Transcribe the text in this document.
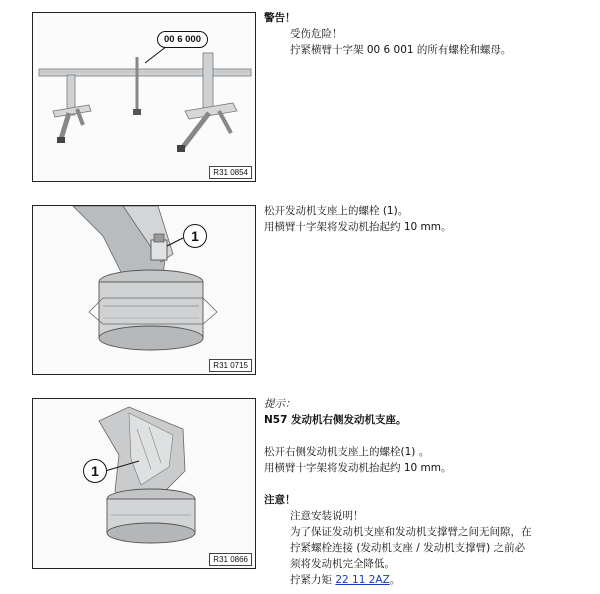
00 6 000
R31 0854

警告！

受伤危险！

拧紧横臂十字架 00 6 001 的所有螺栓和螺母。

1
R31 0715

松开发动机支座上的螺栓 (1)。

用横臂十字架将发动机抬起约 10 mm。

1
R31 0866

提示：

N57 发动机右侧发动机支座。

松开右侧发动机支座上的螺栓(1) 。

用横臂十字架将发动机抬起约 10 mm。

注意！

注意安装说明！

为了保证发动机支座和发动机支撑臂之间无间隙，在

拧紧螺栓连接 (发动机支座 / 发动机支撑臂) 之前必

须将发动机完全降低。

拧紧力矩 22 11 2AZ。
